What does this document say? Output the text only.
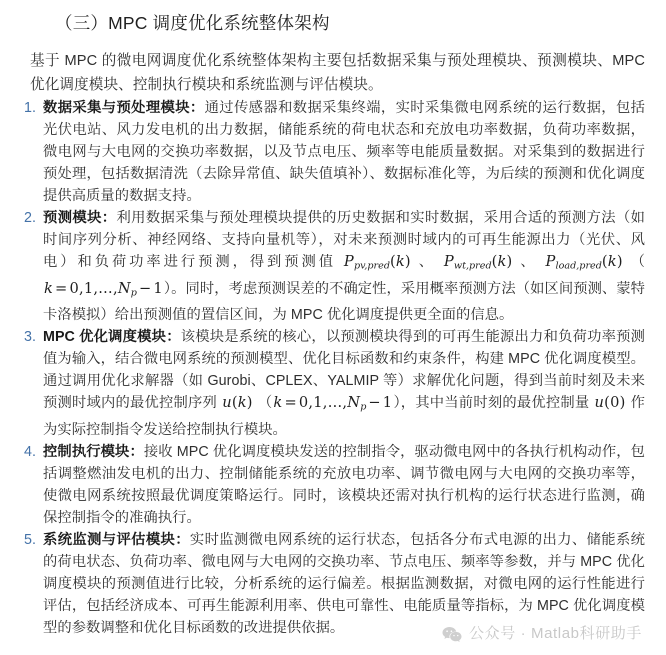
（三）MPC 调度优化系统整体架构

基于 MPC 的微电网调度优化系统整体架构主要包括数据采集与预处理模块、预测模块、MPC 优化调度模块、控制执行模块和系统监测与评估模块。

1. 数据采集与预处理模块：通过传感器和数据采集终端，实时采集微电网系统的运行数据，包括光伏电站、风力发电机的出力数据，储能系统的荷电状态和充放电功率数据，负荷功率数据，微电网与大电网的交换功率数据，以及节点电压、频率等电能质量数据。对采集到的数据进行预处理，包括数据清洗（去除异常值、缺失值填补）、数据标准化等，为后续的预测和优化调度提供高质量的数据支持。
2. 预测模块：利用数据采集与预处理模块提供的历史数据和实时数据，采用合适的预测方法（如时间序列分析、神经网络、支持向量机等），对未来预测时域内的可再生能源出力（光伏、风电）和负荷功率进行预测，得到预测值 $P_{pv,pred}(k)$ 、 $P_{wt,pred}(k)$ 、 $P_{load,pred}(k) (k$ = $0,1,\dots,N_p - 1$）。同时，考虑预测误差的不确定性，采用概率预测方法（如区间预测、蒙特卡洛模拟）给出预测值的置信区间，为 MPC 优化调度提供更全面的信息。
3. MPC 优化调度模块：该模块是系统的核心，以预测模块得到的可再生能源出力和负荷功率预测值为输入，结合微电网系统的预测模型、优化目标函数和约束条件，构建 MPC 优化调度模型。通过调用优化求解器（如 Gurobi、CPLEX、YALMIP 等）求解优化问题，得到当前时刻及未来预测时域内的最优控制序列 u(k) $(k = 0,1,\dots,N_p - 1)$，其中当前时刻的最优控制量 u(0) 作为实际控制指令发送给控制执行模块。
4. 控制执行模块：接收 MPC 优化调度模块发送的控制指令，驱动微电网中的各执行机构动作，包括调整燃油发电机的出力、控制储能系统的充放电功率、调节微电网与大电网的交换功率等，使微电网系统按照最优调度策略运行。同时，该模块还需对执行机构的运行状态进行监测，确保控制指令的准确执行。
5. 系统监测与评估模块：实时监测微电网系统的运行状态，包括各分布式电源的出力、储能系统的荷电状态、负荷功率、微电网与大电网的交换功率、节点电压、频率等参数，并与 MPC 优化调度模块的预测值进行比较，分析系统的运行偏差。根据监测数据，对微电网的运行性能进行评估，包括经济成本、可再生能源利用率、供电可靠性、电能质量等指标，为 MPC 优化调度模型的参数调整和优化目标函数的改进提供依据。	公众号 · Matlab科研助手
